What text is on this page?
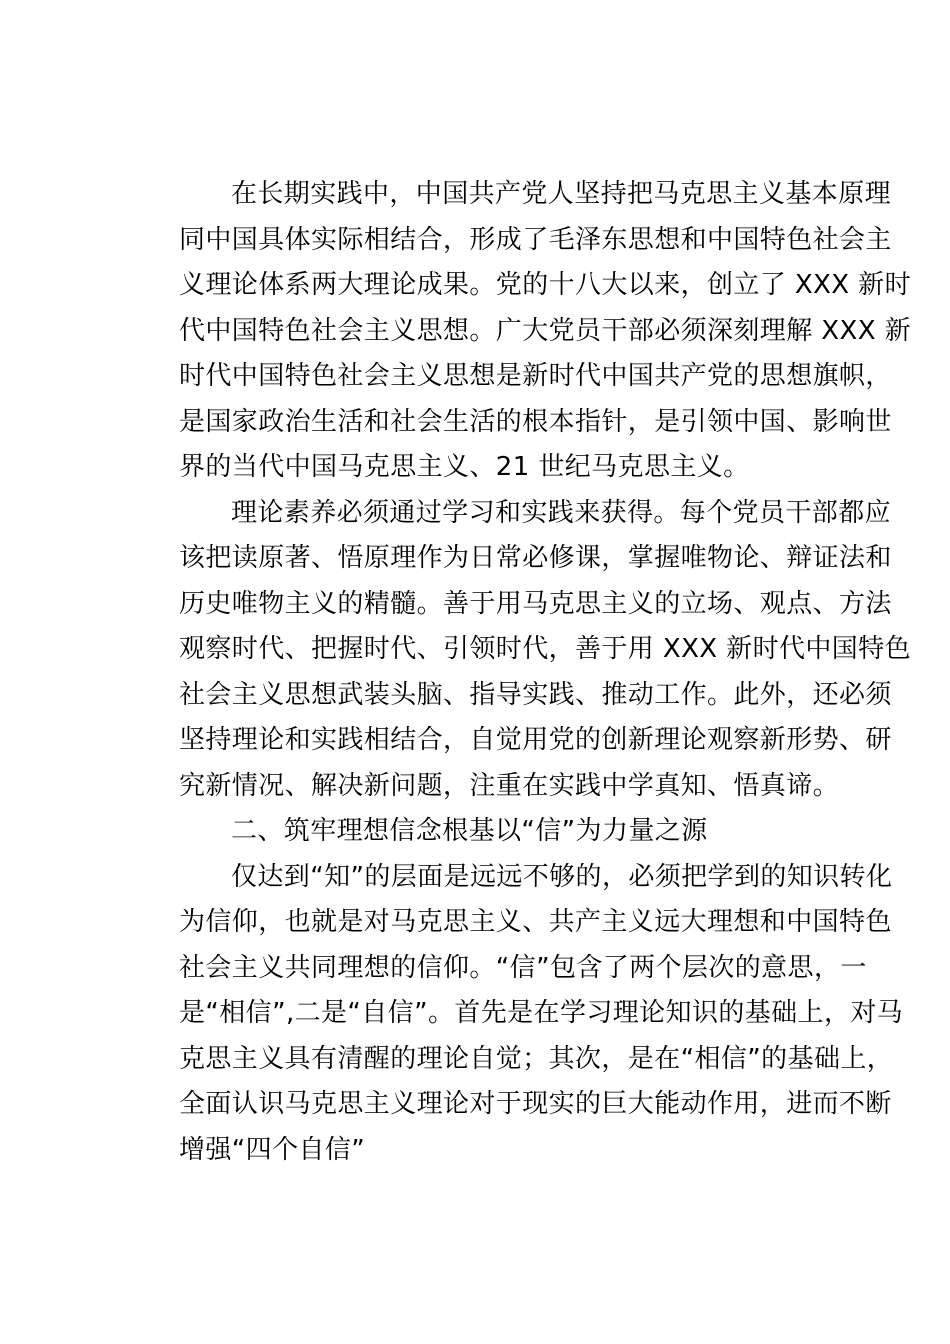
在长期实践中，中国共产党人坚持把马克思主义基本原理
同中国具体实际相结合，形成了毛泽东思想和中国特色社会主
义理论体系两大理论成果。党的十八大以来，创立了 XXX 新时
代中国特色社会主义思想。广大党员干部必须深刻理解 XXX 新
时代中国特色社会主义思想是新时代中国共产党的思想旗帜，
是国家政治生活和社会生活的根本指针，是引领中国、影响世
界的当代中国马克思主义、21 世纪马克思主义。
理论素养必须通过学习和实践来获得。每个党员干部都应
该把读原著、悟原理作为日常必修课，掌握唯物论、辩证法和
历史唯物主义的精髓。善于用马克思主义的立场、观点、方法
观察时代、把握时代、引领时代，善于用 XXX 新时代中国特色
社会主义思想武装头脑、指导实践、推动工作。此外，还必须
坚持理论和实践相结合，自觉用党的创新理论观察新形势、研
究新情况、解决新问题，注重在实践中学真知、悟真谛。
二、筑牢理想信念根基以“信”为力量之源
仅达到“知”的层面是远远不够的，必须把学到的知识转化
为信仰，也就是对马克思主义、共产主义远大理想和中国特色
社会主义共同理想的信仰。“信”包含了两个层次的意思，一
是“相信”,二是“自信”。首先是在学习理论知识的基础上，对马
克思主义具有清醒的理论自觉；其次，是在“相信”的基础上，
全面认识马克思主义理论对于现实的巨大能动作用，进而不断
增强“四个自信”
